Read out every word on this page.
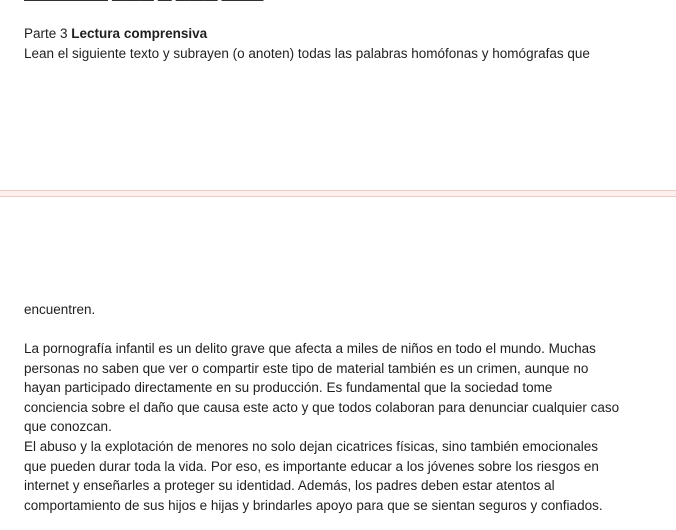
Parte 3 Lectura comprensiva
Lean el siguiente texto y subrayen (o anoten) todas las palabras homófonas y homógrafas que
encuentren.

La pornografía infantil es un delito grave que afecta a miles de niños en todo el mundo. Muchas
personas no saben que ver o compartir este tipo de material también es un crimen, aunque no
hayan participado directamente en su producción. Es fundamental que la sociedad tome
conciencia sobre el daño que causa este acto y que todos colaboran para denunciar cualquier caso
que conozcan.

El abuso y la explotación de menores no solo dejan cicatrices físicas, sino también emocionales
que pueden durar toda la vida. Por eso, es importante educar a los jóvenes sobre los riesgos en
internet y enseñarles a proteger su identidad. Además, los padres deben estar atentos al
comportamiento de sus hijos e hijas y brindarles apoyo para que se sientan seguros y confiados.
